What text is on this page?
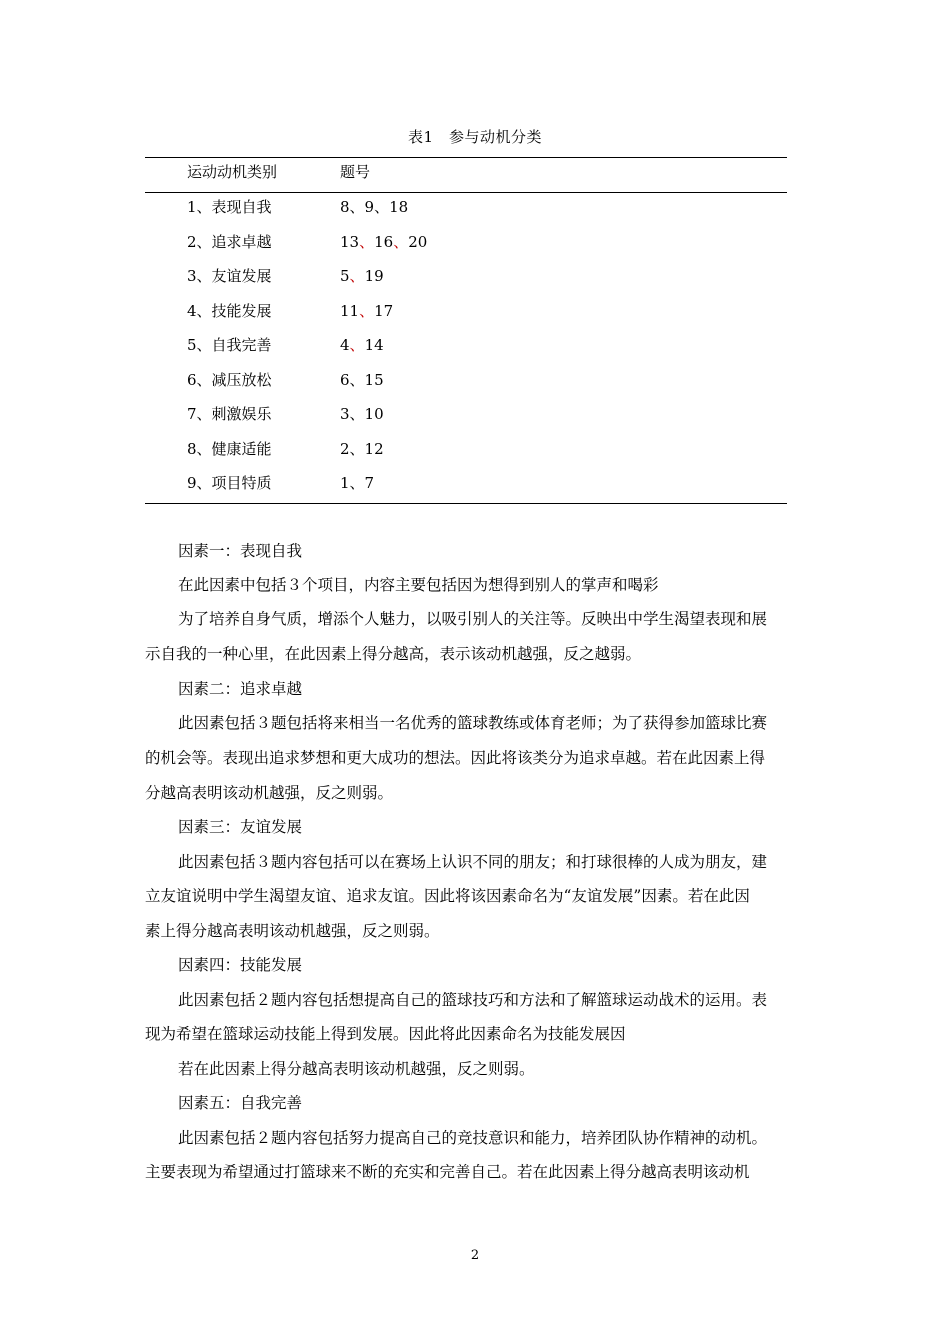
表1　参与动机分类
运动动机类别	题号
1、表现自我	8、9、18
2、追求卓越	13、16、20
3、友谊发展	5、19
4、技能发展	11、17
5、自我完善	4、14
6、减压放松	6、15
7、刺激娱乐	3、10
8、健康适能	2、12
9、项目特质	1、7
因素一：表现自我
在此因素中包括３个项目，内容主要包括因为想得到别人的掌声和喝彩
为了培养自身气质，增添个人魅力，以吸引别人的关注等。反映出中学生渴望表现和展
示自我的一种心里，在此因素上得分越高，表示该动机越强，反之越弱。
因素二：追求卓越
此因素包括３题包括将来相当一名优秀的篮球教练或体育老师；为了获得参加篮球比赛
的机会等。表现出追求梦想和更大成功的想法。因此将该类分为追求卓越。若在此因素上得
分越高表明该动机越强，反之则弱。
因素三：友谊发展
此因素包括３题内容包括可以在赛场上认识不同的朋友；和打球很棒的人成为朋友，建
立友谊说明中学生渴望友谊、追求友谊。因此将该因素命名为“友谊发展”因素。若在此因
素上得分越高表明该动机越强，反之则弱。
因素四：技能发展
此因素包括２题内容包括想提高自己的篮球技巧和方法和了解篮球运动战术的运用。表
现为希望在篮球运动技能上得到发展。因此将此因素命名为技能发展因
若在此因素上得分越高表明该动机越强，反之则弱。
因素五：自我完善
此因素包括２题内容包括努力提高自己的竞技意识和能力，培养团队协作精神的动机。
主要表现为希望通过打篮球来不断的充实和完善自己。若在此因素上得分越高表明该动机
2
